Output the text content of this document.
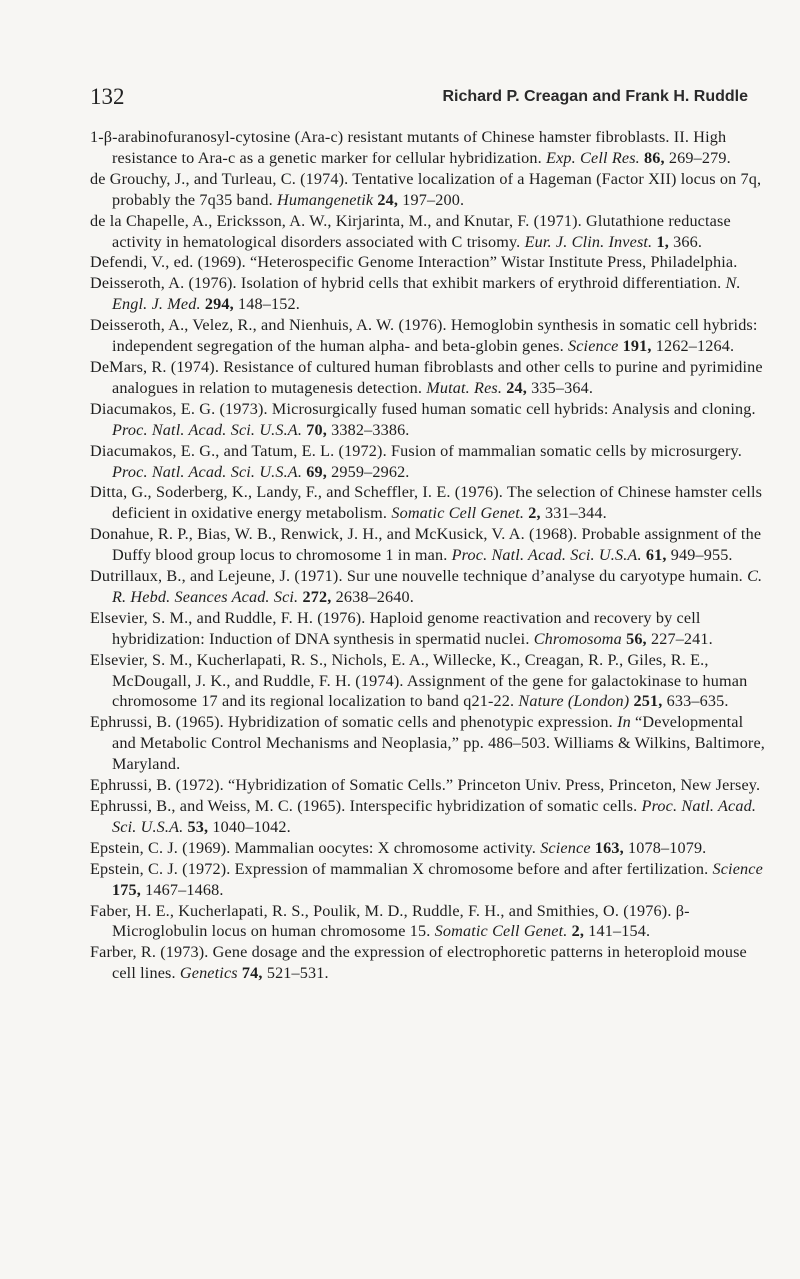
132	Richard P. Creagan and Frank H. Ruddle

1-β-arabinofuranosyl-cytosine (Ara-c) resistant mutants of Chinese hamster fibroblasts. II. High resistance to Ara-c as a genetic marker for cellular hybridization. Exp. Cell Res. 86, 269–279.

de Grouchy, J., and Turleau, C. (1974). Tentative localization of a Hageman (Factor XII) locus on 7q, probably the 7q35 band. Humangenetik 24, 197–200.

de la Chapelle, A., Ericksson, A. W., Kirjarinta, M., and Knutar, F. (1971). Glutathione reductase activity in hematological disorders associated with C trisomy. Eur. J. Clin. Invest. 1, 366.

Defendi, V., ed. (1969). “Heterospecific Genome Interaction” Wistar Institute Press, Philadelphia.

Deisseroth, A. (1976). Isolation of hybrid cells that exhibit markers of erythroid differentiation. N. Engl. J. Med. 294, 148–152.

Deisseroth, A., Velez, R., and Nienhuis, A. W. (1976). Hemoglobin synthesis in somatic cell hybrids: independent segregation of the human alpha- and beta-globin genes. Science 191, 1262–1264.

DeMars, R. (1974). Resistance of cultured human fibroblasts and other cells to purine and pyrimidine analogues in relation to mutagenesis detection. Mutat. Res. 24, 335–364.

Diacumakos, E. G. (1973). Microsurgically fused human somatic cell hybrids: Analysis and cloning. Proc. Natl. Acad. Sci. U.S.A. 70, 3382–3386.

Diacumakos, E. G., and Tatum, E. L. (1972). Fusion of mammalian somatic cells by microsurgery. Proc. Natl. Acad. Sci. U.S.A. 69, 2959–2962.

Ditta, G., Soderberg, K., Landy, F., and Scheffler, I. E. (1976). The selection of Chinese hamster cells deficient in oxidative energy metabolism. Somatic Cell Genet. 2, 331–344.

Donahue, R. P., Bias, W. B., Renwick, J. H., and McKusick, V. A. (1968). Probable assignment of the Duffy blood group locus to chromosome 1 in man. Proc. Natl. Acad. Sci. U.S.A. 61, 949–955.

Dutrillaux, B., and Lejeune, J. (1971). Sur une nouvelle technique d’analyse du caryotype humain. C. R. Hebd. Seances Acad. Sci. 272, 2638–2640.

Elsevier, S. M., and Ruddle, F. H. (1976). Haploid genome reactivation and recovery by cell hybridization: Induction of DNA synthesis in spermatid nuclei. Chromosoma 56, 227–241.

Elsevier, S. M., Kucherlapati, R. S., Nichols, E. A., Willecke, K., Creagan, R. P., Giles, R. E., McDougall, J. K., and Ruddle, F. H. (1974). Assignment of the gene for galactokinase to human chromosome 17 and its regional localization to band q21-22. Nature (London) 251, 633–635.

Ephrussi, B. (1965). Hybridization of somatic cells and phenotypic expression. In “Developmental and Metabolic Control Mechanisms and Neoplasia,” pp. 486–503. Williams & Wilkins, Baltimore, Maryland.

Ephrussi, B. (1972). “Hybridization of Somatic Cells.” Princeton Univ. Press, Princeton, New Jersey.

Ephrussi, B., and Weiss, M. C. (1965). Interspecific hybridization of somatic cells. Proc. Natl. Acad. Sci. U.S.A. 53, 1040–1042.

Epstein, C. J. (1969). Mammalian oocytes: X chromosome activity. Science 163, 1078–1079.

Epstein, C. J. (1972). Expression of mammalian X chromosome before and after fertilization. Science 175, 1467–1468.

Faber, H. E., Kucherlapati, R. S., Poulik, M. D., Ruddle, F. H., and Smithies, O. (1976). β-Microglobulin locus on human chromosome 15. Somatic Cell Genet. 2, 141–154.

Farber, R. (1973). Gene dosage and the expression of electrophoretic patterns in heteroploid mouse cell lines. Genetics 74, 521–531.
